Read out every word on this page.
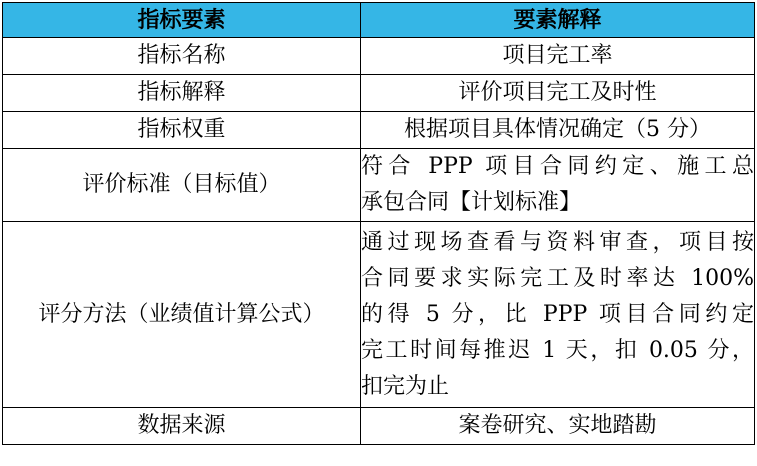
指标要素	要素解释
指标名称	项目完工率
指标解释	评价项目完工及时性
指标权重	根据项目具体情况确定（5 分）
评价标准（目标值）	符合 PPP 项目合同约定、施工总
承包合同【计划标准】

评分方法（业绩值计算公式）	通过现场查看与资料审查，项目按
合同要求实际完工及时率达 100%
的得 5 分，比 PPP 项目合同约定
完工时间每推迟 1 天，扣 0.05 分，
扣完为止

数据来源	案卷研究、实地踏勘
